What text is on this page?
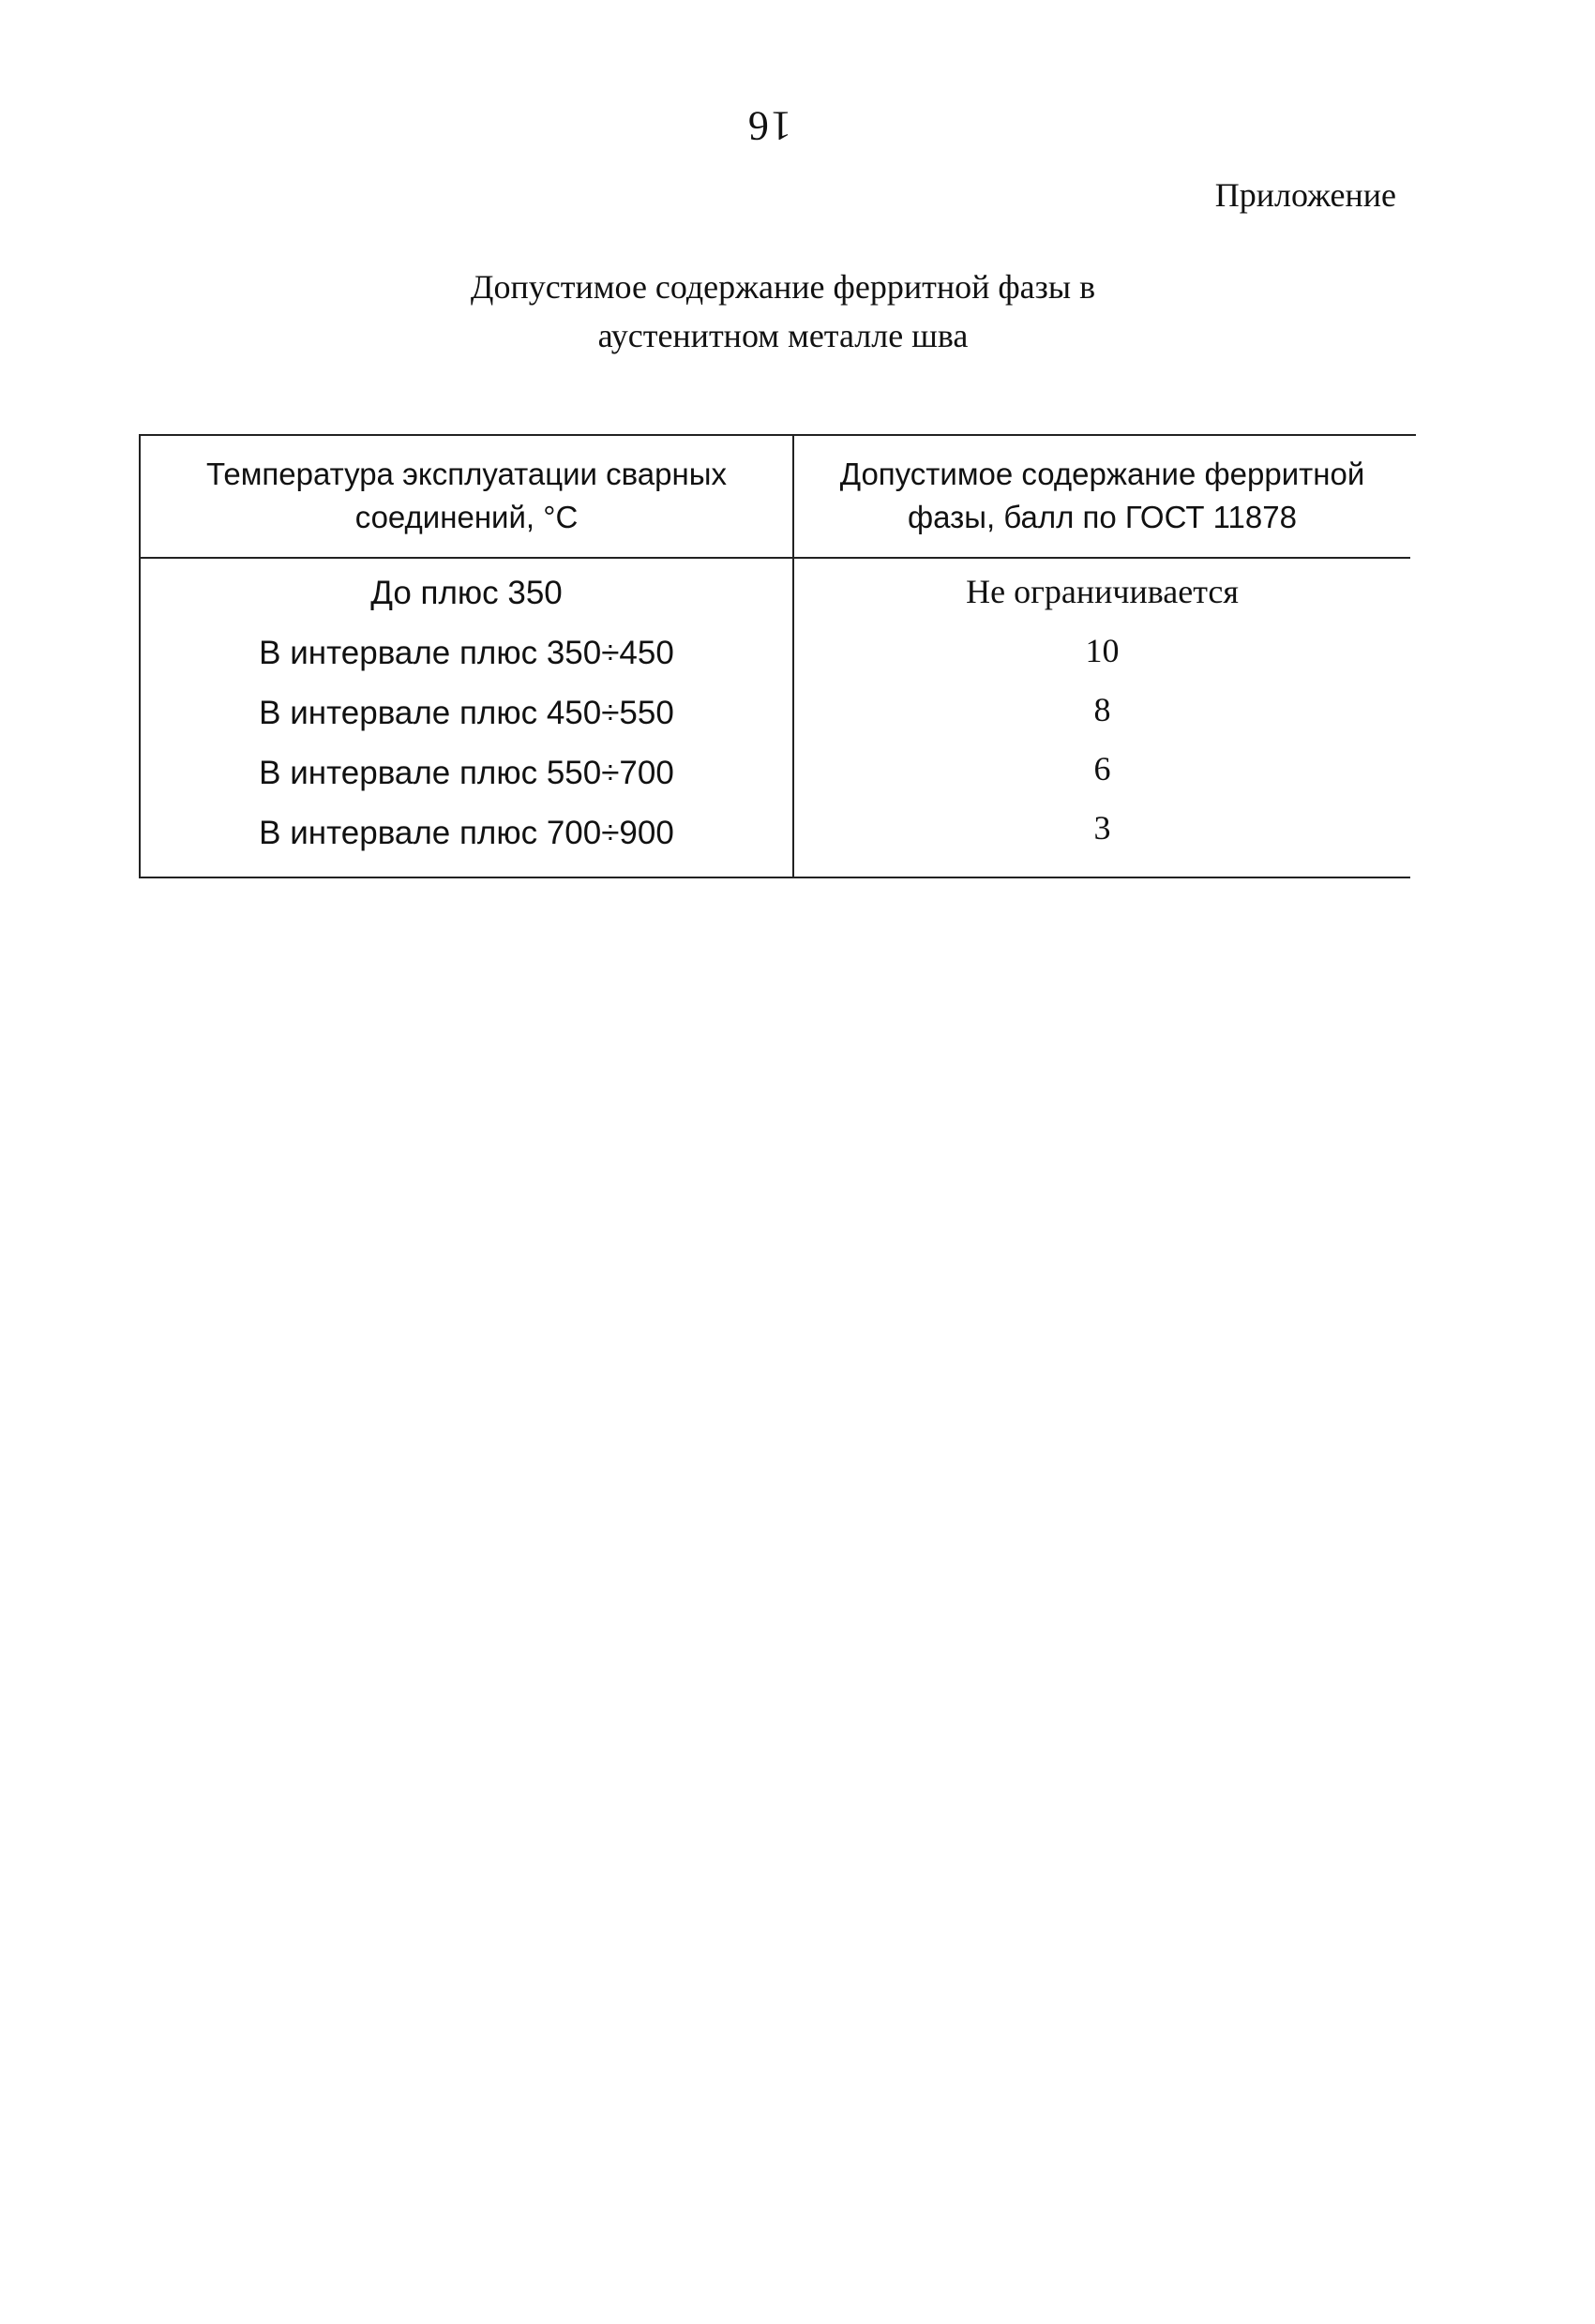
16
Приложение
Допустимое содержание ферритной фазы в
аустенитном металле шва
Температура эксплуатации сварных соединений, °С
Допустимое содержание ферритной фазы, балл по ГОСТ 11878
До плюс 350
В интервале плюс 350÷450
В интервале плюс 450÷550
В интервале плюс 550÷700
В интервале плюс 700÷900
Не ограничивается
10
8
6
3
